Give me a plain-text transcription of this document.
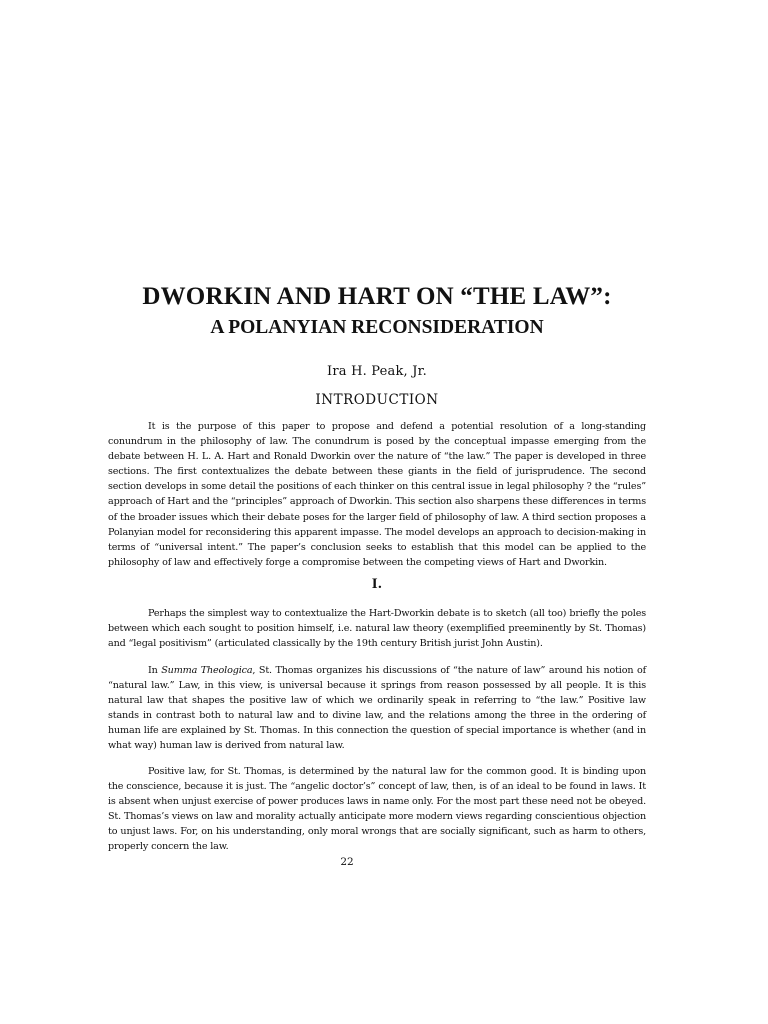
DWORKIN AND HART ON “THE LAW”:
A POLANYIAN RECONSIDERATION
Ira H. Peak, Jr.
INTRODUCTION

It is the purpose of this paper to propose and defend a potential resolution of a long-standing conundrum in the philosophy of law. The conundrum is posed by the conceptual impasse emerging from the debate between H. L. A. Hart and Ronald Dworkin over the nature of “the law.” The paper is developed in three sections. The first contextualizes the debate between these giants in the field of jurisprudence. The second section develops in some detail the positions of each thinker on this central issue in legal philosophy ? the “rules” approach of Hart and the “principles” approach of Dworkin. This section also sharpens these differences in terms of the broader issues which their debate poses for the larger field of philosophy of law. A third section proposes a Polanyian model for reconsidering this apparent impasse. The model develops an approach to decision-making in terms of “universal intent.” The paper’s conclusion seeks to establish that this model can be applied to the philosophy of law and effectively forge a compromise between the competing views of Hart and Dworkin.

I.

Perhaps the simplest way to contextualize the Hart-Dworkin debate is to sketch (all too) briefly the poles between which each sought to position himself, i.e. natural law theory (exemplified preeminently by St. Thomas) and “legal positivism” (articulated classically by the 19th century British jurist John Austin).

In Summa Theologica, St. Thomas organizes his discussions of “the nature of law” around his notion of “natural law.” Law, in this view, is universal because it springs from reason possessed by all people. It is this natural law that shapes the positive law of which we ordinarily speak in referring to “the law.” Positive law stands in contrast both to natural law and to divine law, and the relations among the three in the ordering of human life are explained by St. Thomas. In this connection the question of special importance is whether (and in what way) human law is derived from natural law.

Positive law, for St. Thomas, is determined by the natural law for the common good. It is binding upon the conscience, because it is just. The “angelic doctor’s” concept of law, then, is of an ideal to be found in laws. It is absent when unjust exercise of power produces laws in name only. For the most part these need not be obeyed. St. Thomas’s views on law and morality actually anticipate more modern views regarding conscientious objection to unjust laws. For, on his understanding, only moral wrongs that are socially significant, such as harm to others, properly concern the law.

22
